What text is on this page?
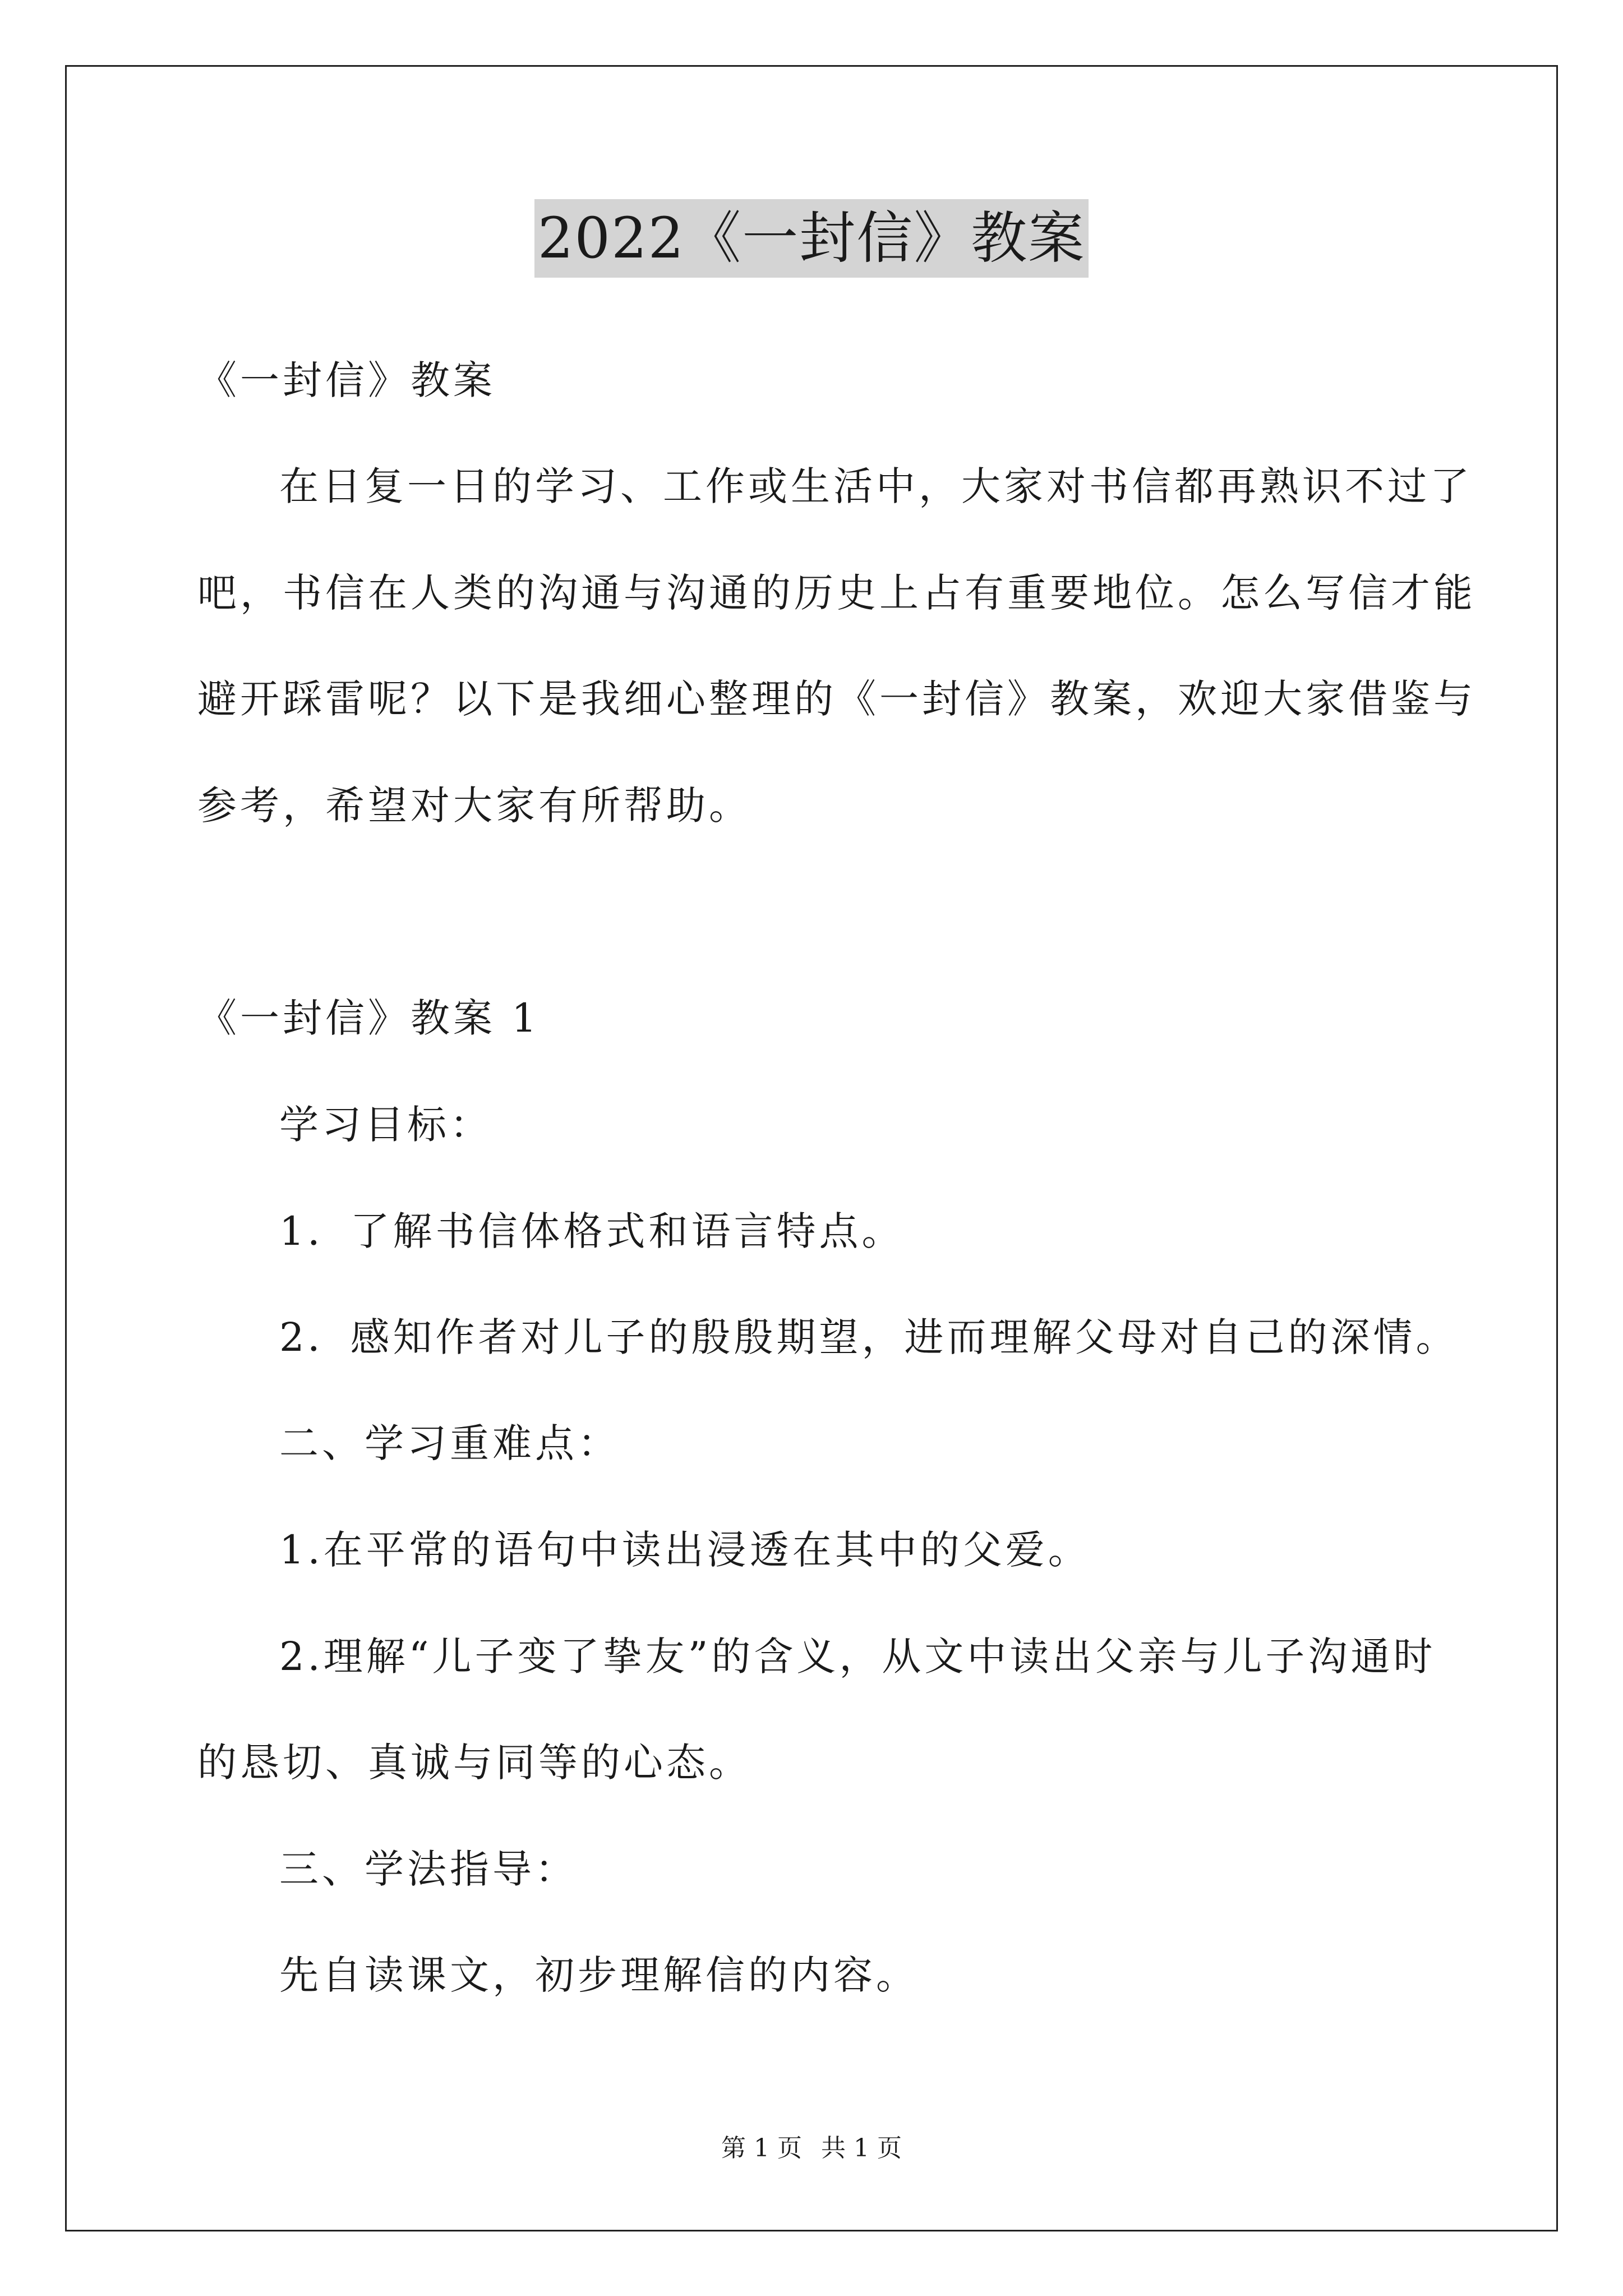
2022《一封信》教案
《一封信》教案
在日复一日的学习、工作或生活中，大家对书信都再熟识不过了
吧，书信在人类的沟通与沟通的历史上占有重要地位。怎么写信才能
避开踩雷呢？以下是我细心整理的《一封信》教案，欢迎大家借鉴与
参考，希望对大家有所帮助。
《一封信》教案 1
学习目标：
1．了解书信体格式和语言特点。
2．感知作者对儿子的殷殷期望，进而理解父母对自己的深情。
二、学习重难点：
1.在平常的语句中读出浸透在其中的父爱。
2.理解“儿子变了挚友”的含义，从文中读出父亲与儿子沟通时
的恳切、真诚与同等的心态。
三、学法指导：
先自读课文，初步理解信的内容。
第 1 页 共 1 页
